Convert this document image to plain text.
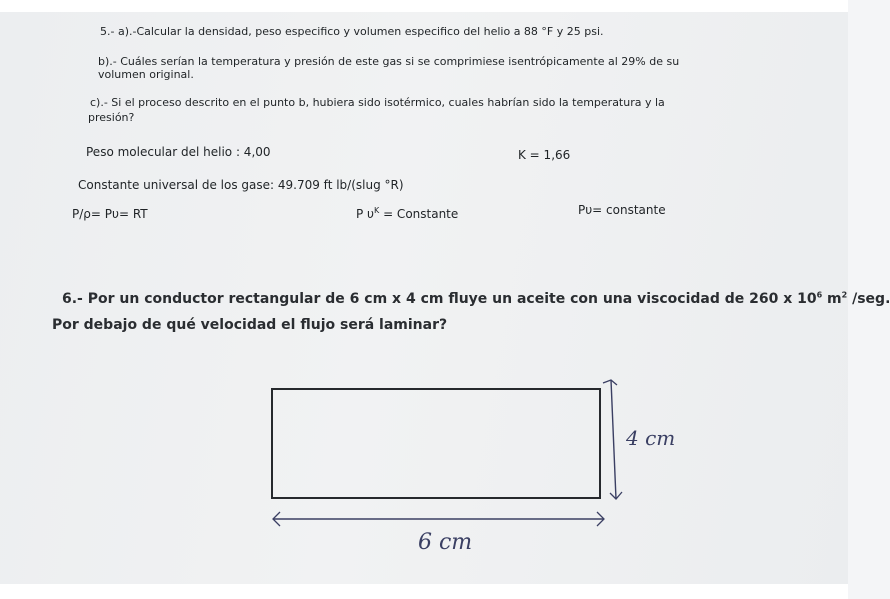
5.- a).-Calcular la densidad, peso especifico y volumen especifico del helio a 88 °F y 25 psi.
b).- Cuáles serían la temperatura y presión de este gas si se comprimiese isentrópicamente al 29% de su
volumen original.
c).- Si el proceso descrito en el punto b, hubiera sido isotérmico, cuales habrían sido la temperatura y la
presión?
Peso molecular del helio : 4,00	K = 1,66
Constante universal de los gase: 49.709 ft lb/(slug °R)
P/ρ= Pυ= RT	P $\upsilon^K$ = Constante	Pυ= constante
6.- Por un conductor rectangular de 6 cm x 4 cm fluye un aceite con una viscocidad de 260 x $10^6$ $m^2$ /seg.
Por debajo de qué velocidad el flujo será laminar?
4 cm
6 cm
